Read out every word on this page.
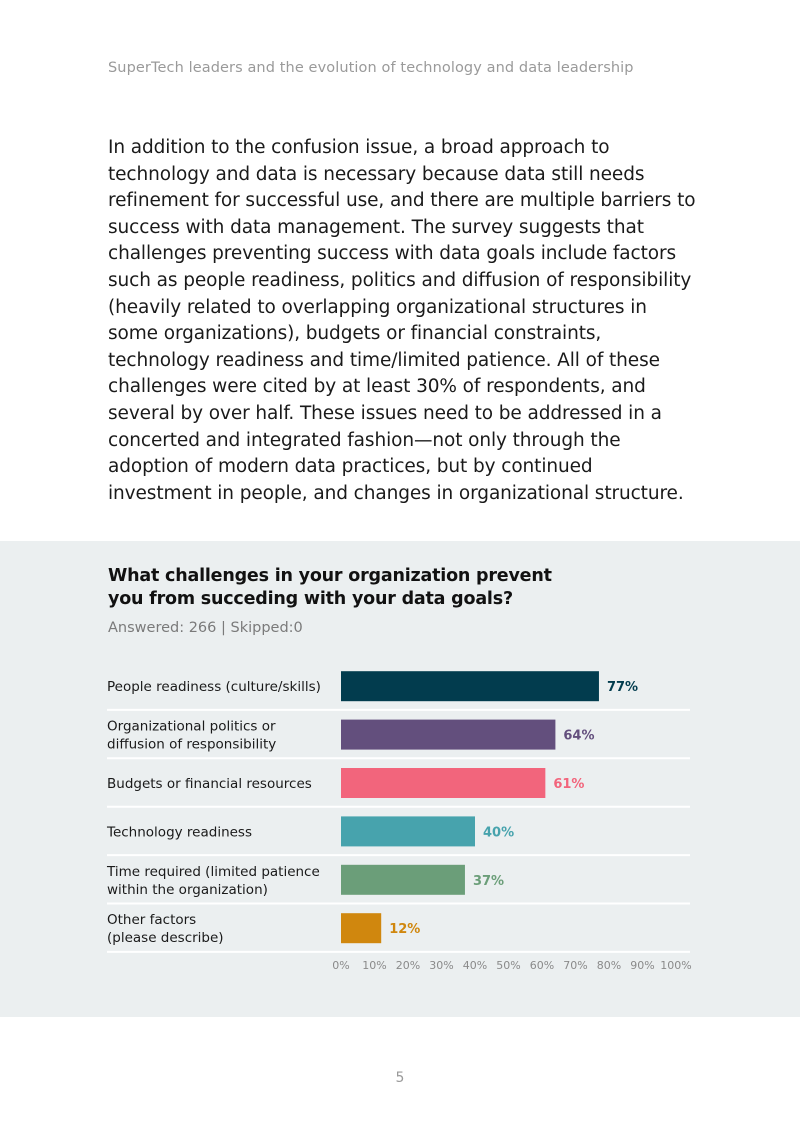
SuperTech leaders and the evolution of technology and data leadership

In addition to the confusion issue, a broad approach to technology and data is necessary because data still needs refinement for successful use, and there are multiple barriers to success with data management. The survey suggests that challenges preventing success with data goals include factors such as people readiness, politics and diffusion of responsibility (heavily related to overlapping organizational structures in some organizations), budgets or financial constraints, technology readiness and time/limited patience. All of these challenges were cited by at least 30% of respondents, and several by over half. These issues need to be addressed in a concerted and integrated fashion—not only through the adoption of modern data practices, but by continued investment in people, and changes in organizational structure.

What challenges in your organization prevent you from succeding with your data goals?
Answered: 266 | Skipped:0
77%
People readiness (culture/skills)
64%
Organizational politics or
diffusion of responsibility
61%
Budgets or financial resources
40%
Technology readiness
37%
Time required (limited patience
within the organization)
12%
Other factors
(please describe)
0% 10% 20% 30% 40% 50% 60% 70% 80% 90% 100%
5
